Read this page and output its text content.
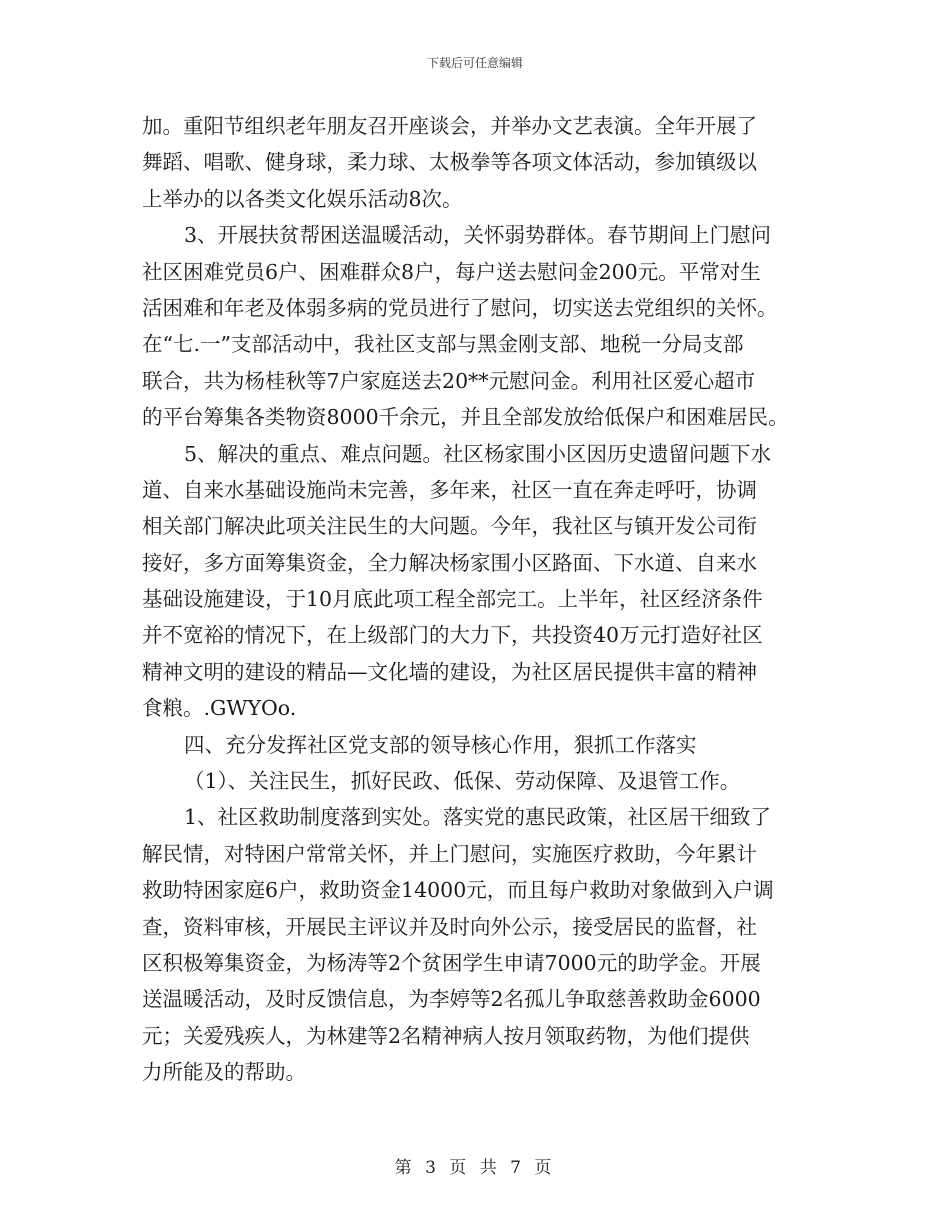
下载后可任意编辑
加。重阳节组织老年朋友召开座谈会，并举办文艺表演。全年开展了
舞蹈、唱歌、健身球，柔力球、太极拳等各项文体活动，参加镇级以
上举办的以各类文化娱乐活动8次。
3、开展扶贫帮困送温暖活动，关怀弱势群体。春节期间上门慰问
社区困难党员6户、困难群众8户，每户送去慰问金200元。平常对生
活困难和年老及体弱多病的党员进行了慰问，切实送去党组织的关怀。
在“七.一”支部活动中，我社区支部与黑金刚支部、地税一分局支部
联合，共为杨桂秋等7户家庭送去20**元慰问金。利用社区爱心超市
的平台筹集各类物资8000千余元，并且全部发放给低保户和困难居民。
5、解决的重点、难点问题。社区杨家围小区因历史遗留问题下水
道、自来水基础设施尚未完善，多年来，社区一直在奔走呼吁，协调
相关部门解决此项关注民生的大问题。今年，我社区与镇开发公司衔
接好，多方面筹集资金，全力解决杨家围小区路面、下水道、自来水
基础设施建设，于10月底此项工程全部完工。上半年，社区经济条件
并不宽裕的情况下，在上级部门的大力下，共投资40万元打造好社区
精神文明的建设的精品—文化墙的建设，为社区居民提供丰富的精神
食粮。.GWYOo.
四、充分发挥社区党支部的领导核心作用，狠抓工作落实
（1）、关注民生，抓好民政、低保、劳动保障、及退管工作。
1、社区救助制度落到实处。落实党的惠民政策，社区居干细致了
解民情，对特困户常常关怀，并上门慰问，实施医疗救助，今年累计
救助特困家庭6户，救助资金14000元，而且每户救助对象做到入户调
查，资料审核，开展民主评议并及时向外公示，接受居民的监督，社
区积极筹集资金，为杨涛等2个贫困学生申请7000元的助学金。开展
送温暖活动，及时反馈信息，为李婷等2名孤儿争取慈善救助金6000
元；关爱残疾人，为林建等2名精神病人按月领取药物，为他们提供
力所能及的帮助。
第 3 页 共 7 页
